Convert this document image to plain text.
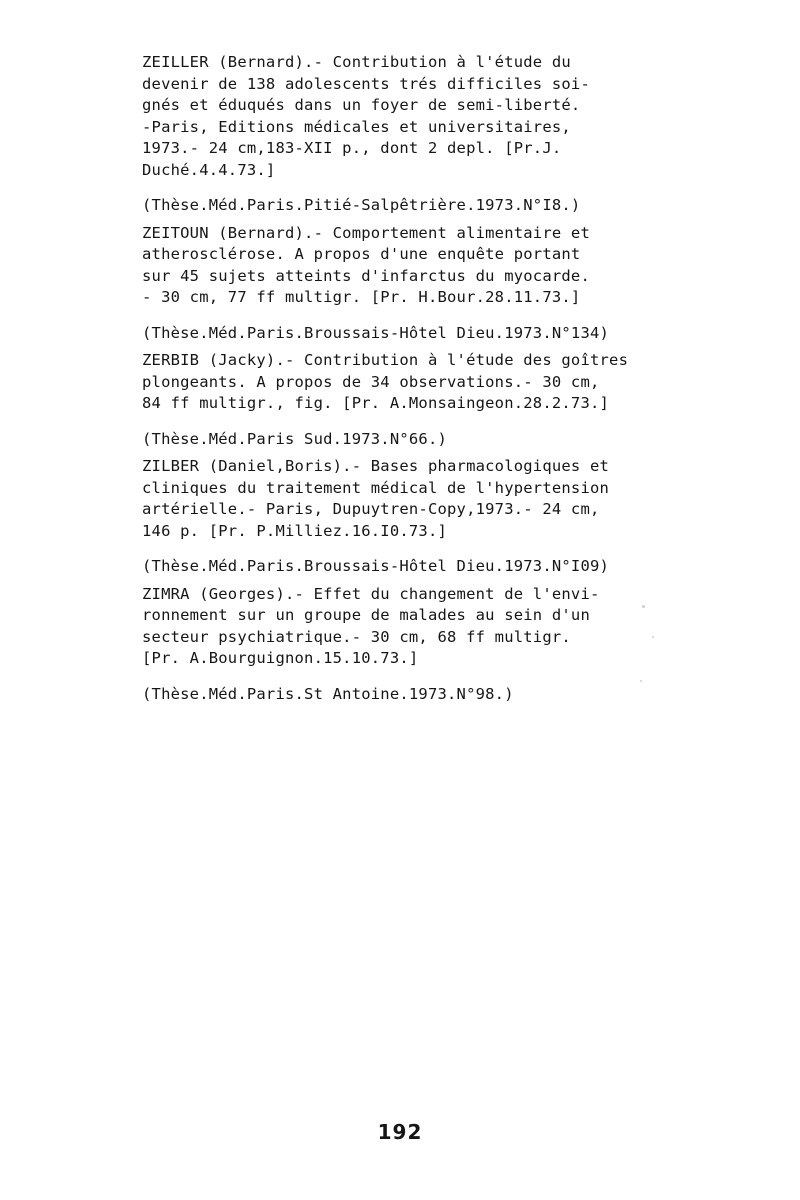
ZEILLER (Bernard).- Contribution à l'étude du
devenir de 138 adolescents trés difficiles soi-
gnés et éduqués dans un foyer de semi-liberté.
-Paris, Editions médicales et universitaires,
1973.- 24 cm,183-XII p., dont 2 depl. [Pr.J.
Duché.4.4.73.]
(Thèse.Méd.Paris.Pitié-Salpêtrière.1973.N°I8.)
ZEITOUN (Bernard).- Comportement alimentaire et
atherosclérose. A propos d'une enquête portant
sur 45 sujets atteints d'infarctus du myocarde.
- 30 cm, 77 ff multigr. [Pr. H.Bour.28.11.73.]
(Thèse.Méd.Paris.Broussais-Hôtel Dieu.1973.N°134)
ZERBIB (Jacky).- Contribution à l'étude des goîtres
plongeants. A propos de 34 observations.- 30 cm,
84 ff multigr., fig. [Pr. A.Monsaingeon.28.2.73.]
(Thèse.Méd.Paris Sud.1973.N°66.)
ZILBER (Daniel,Boris).- Bases pharmacologiques et
cliniques du traitement médical de l'hypertension
artérielle.- Paris, Dupuytren-Copy,1973.- 24 cm,
146 p. [Pr. P.Milliez.16.I0.73.]
(Thèse.Méd.Paris.Broussais-Hôtel Dieu.1973.N°I09)
ZIMRA (Georges).- Effet du changement de l'envi-
ronnement sur un groupe de malades au sein d'un
secteur psychiatrique.- 30 cm, 68 ff multigr.
[Pr. A.Bourguignon.15.10.73.]
(Thèse.Méd.Paris.St Antoine.1973.N°98.)
192
